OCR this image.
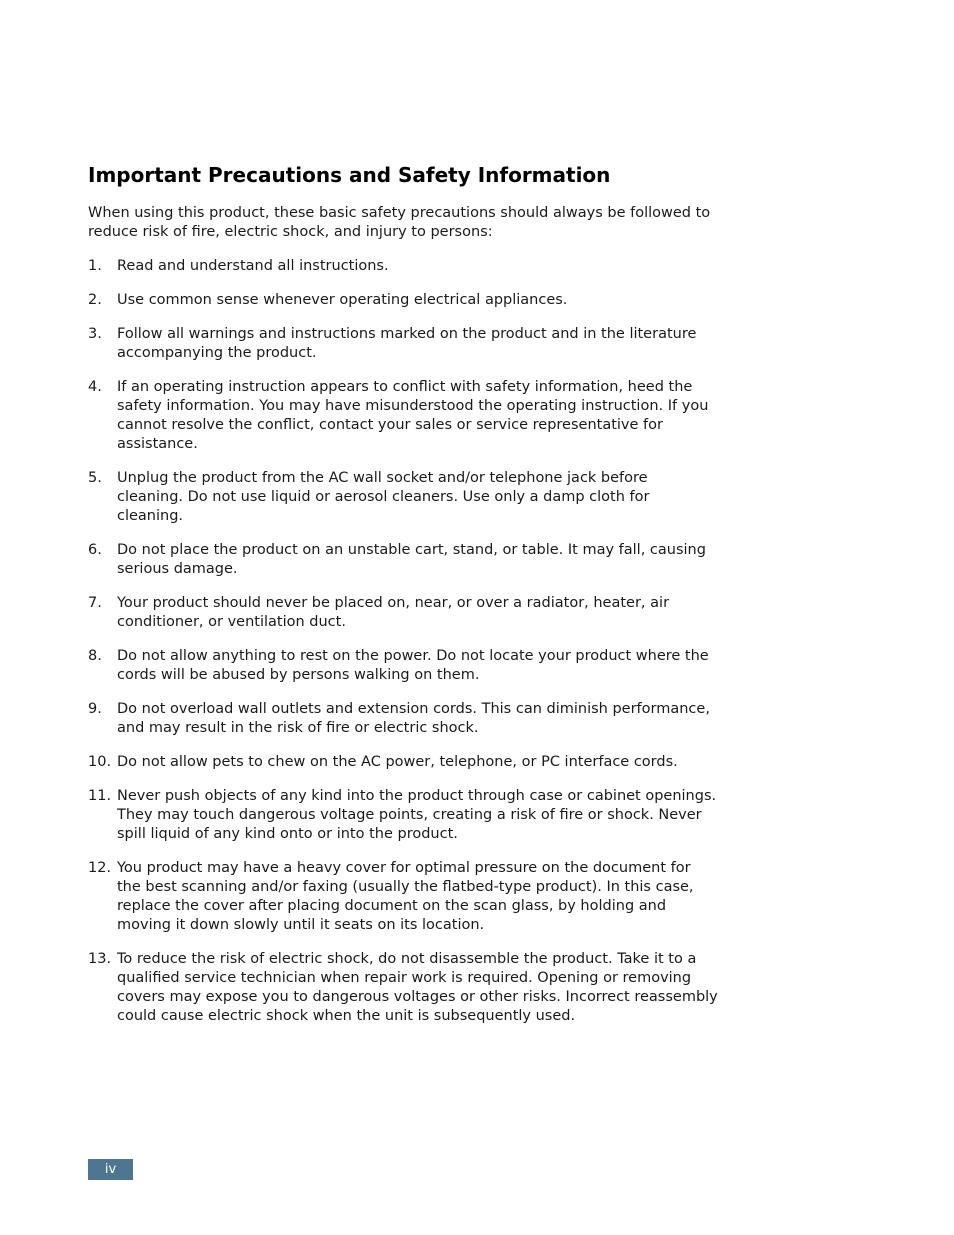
Important Precautions and Safety Information

When using this product, these basic safety precautions should always be followed to reduce risk of fire, electric shock, and injury to persons:

1.	Read and understand all instructions.
2.	Use common sense whenever operating electrical appliances.
3.	Follow all warnings and instructions marked on the product and in the literature accompanying the product.
4.	If an operating instruction appears to conflict with safety information, heed the safety information. You may have misunderstood the operating instruction. If you cannot resolve the conflict, contact your sales or service representative for assistance.
5.	Unplug the product from the AC wall socket and/or telephone jack before cleaning. Do not use liquid or aerosol cleaners. Use only a damp cloth for cleaning.
6.	Do not place the product on an unstable cart, stand, or table. It may fall, causing serious damage.
7.	Your product should never be placed on, near, or over a radiator, heater, air conditioner, or ventilation duct.
8.	Do not allow anything to rest on the power. Do not locate your product where the cords will be abused by persons walking on them.
9.	Do not overload wall outlets and extension cords. This can diminish performance, and may result in the risk of fire or electric shock.
10. Do not allow pets to chew on the AC power, telephone, or PC interface cords.
11. Never push objects of any kind into the product through case or cabinet openings. They may touch dangerous voltage points, creating a risk of fire or shock. Never spill liquid of any kind onto or into the product.
12. You product may have a heavy cover for optimal pressure on the document for the best scanning and/or faxing (usually the flatbed-type product). In this case, replace the cover after placing document on the scan glass, by holding and moving it down slowly until it seats on its location.
13. To reduce the risk of electric shock, do not disassemble the product. Take it to a qualified service technician when repair work is required. Opening or removing covers may expose you to dangerous voltages or other risks. Incorrect reassembly could cause electric shock when the unit is subsequently used.
iv
